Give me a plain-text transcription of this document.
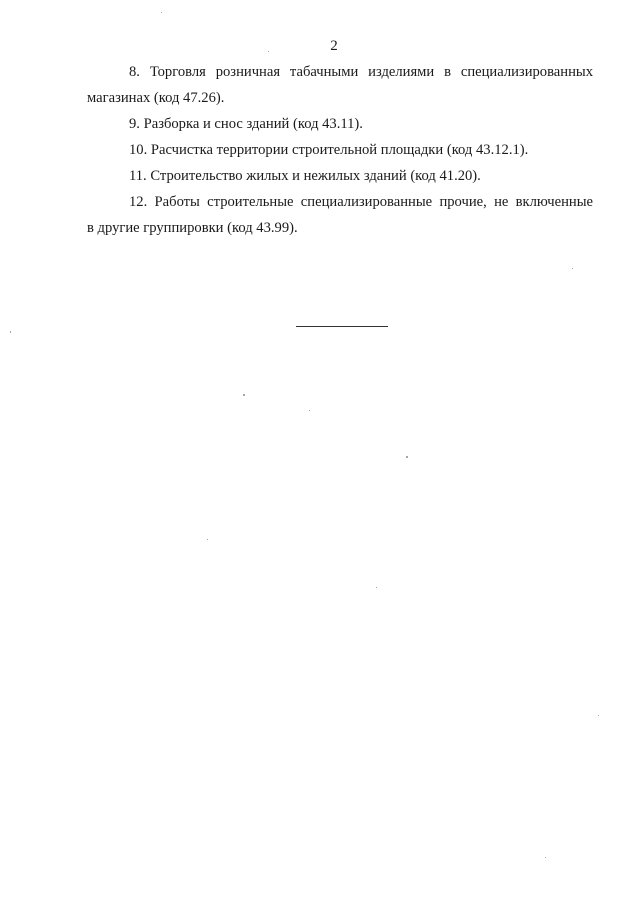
2
8. Торговля розничная табачными изделиями в специализированных
магазинах (код 47.26).

9. Разборка и снос зданий (код 43.11).

10. Расчистка территории строительной площадки (код 43.12.1).

11. Строительство жилых и нежилых зданий (код 41.20).

12. Работы строительные специализированные прочие, не включенные
в другие группировки (код 43.99).
